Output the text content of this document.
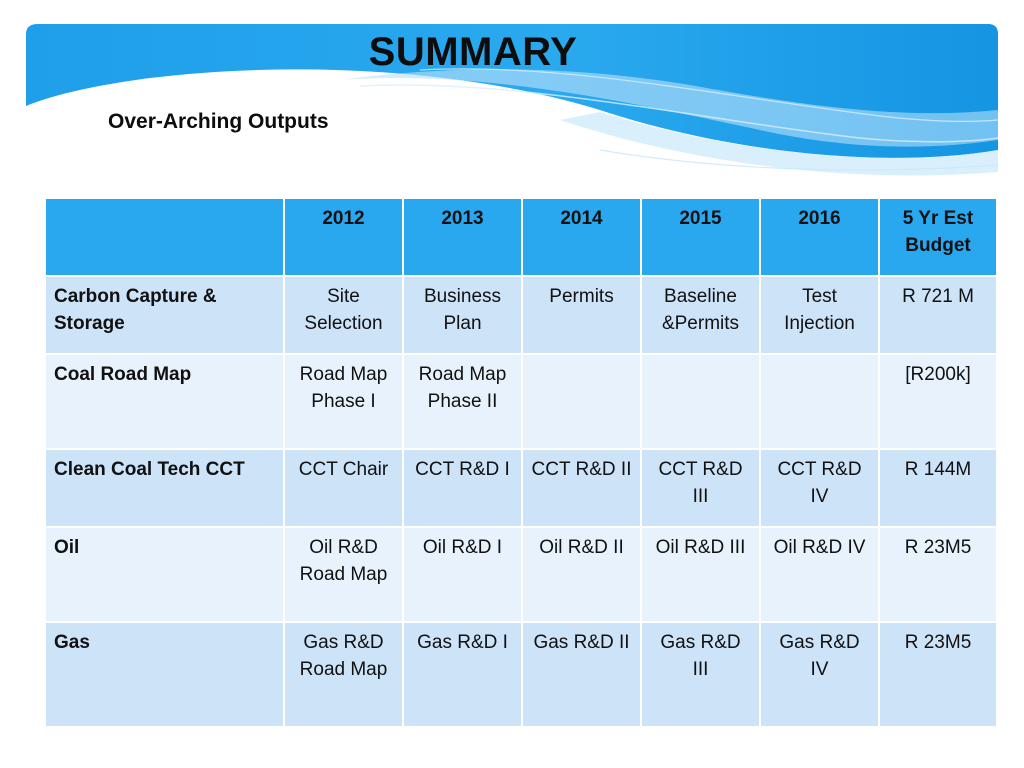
SUMMARY
Over-Arching Outputs
	2012	2013	2014	2015	2016	5 Yr Est Budget
Carbon Capture & Storage	Site Selection	Business Plan	Permits	Baseline &Permits	Test Injection	R 721 M
Coal Road Map	Road Map Phase I	Road Map Phase II				[R200k]
Clean Coal Tech CCT	CCT Chair	CCT R&D I	CCT R&D II	CCT R&D III	CCT R&D IV	R 144M
Oil	Oil R&D Road Map	Oil R&D I	Oil R&D II	Oil R&D III	Oil R&D IV	R 23M5
Gas	Gas R&D Road Map	Gas R&D I	Gas R&D II	Gas R&D III	Gas R&D IV	R 23M5
